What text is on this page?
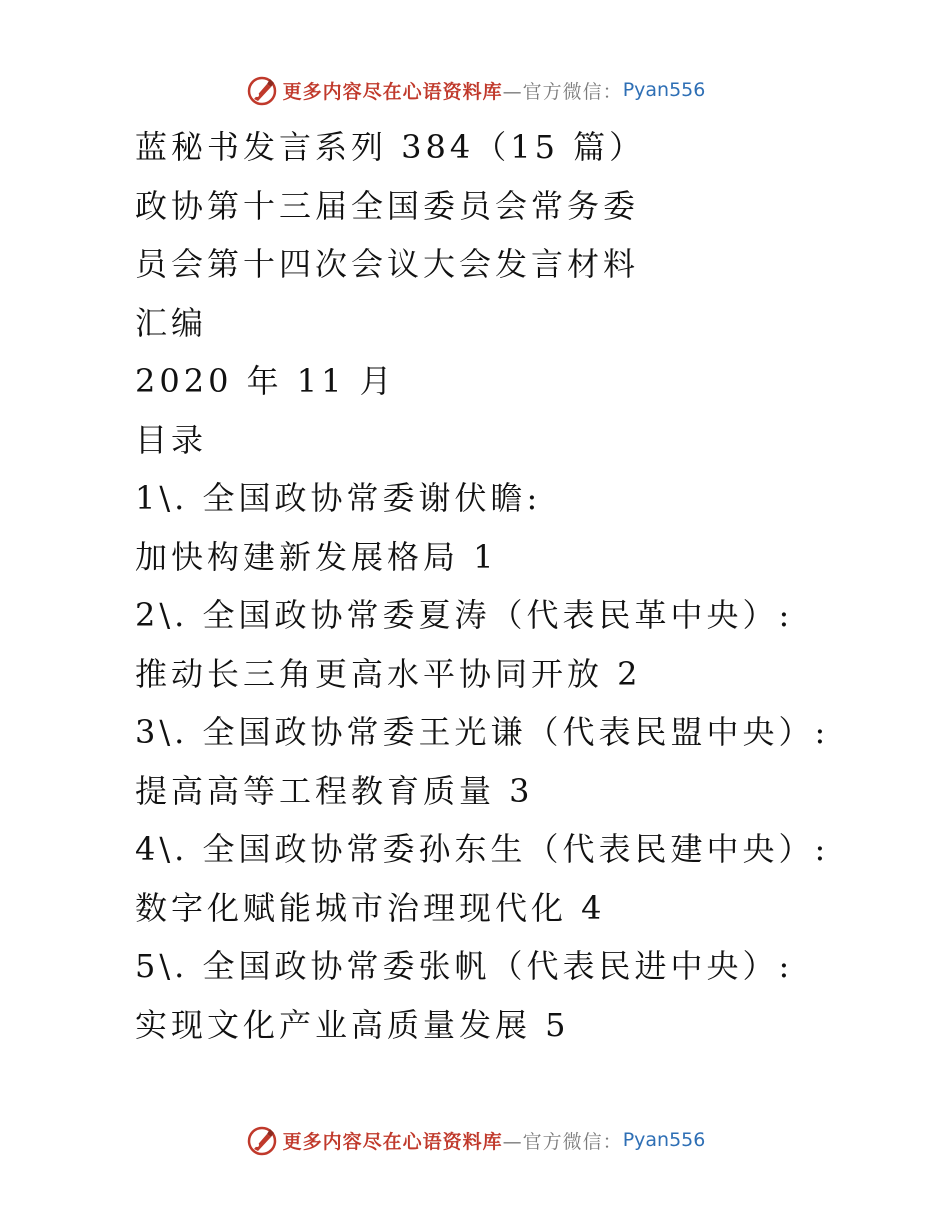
更多内容尽在心语资料库 —官方微信： Pyan556
蓝秘书发言系列 384（15 篇）
政协第十三届全国委员会常务委
员会第十四次会议大会发言材料
汇编
2020 年 11 月
目录
1\. 全国政协常委谢伏瞻:
加快构建新发展格局 1
2\. 全国政协常委夏涛（代表民革中央）:
推动长三角更高水平协同开放 2
3\. 全国政协常委王光谦（代表民盟中央）:
提高高等工程教育质量 3
4\. 全国政协常委孙东生（代表民建中央）:
数字化赋能城市治理现代化 4
5\. 全国政协常委张帆（代表民进中央）:
实现文化产业高质量发展 5
更多内容尽在心语资料库 —官方微信： Pyan556
